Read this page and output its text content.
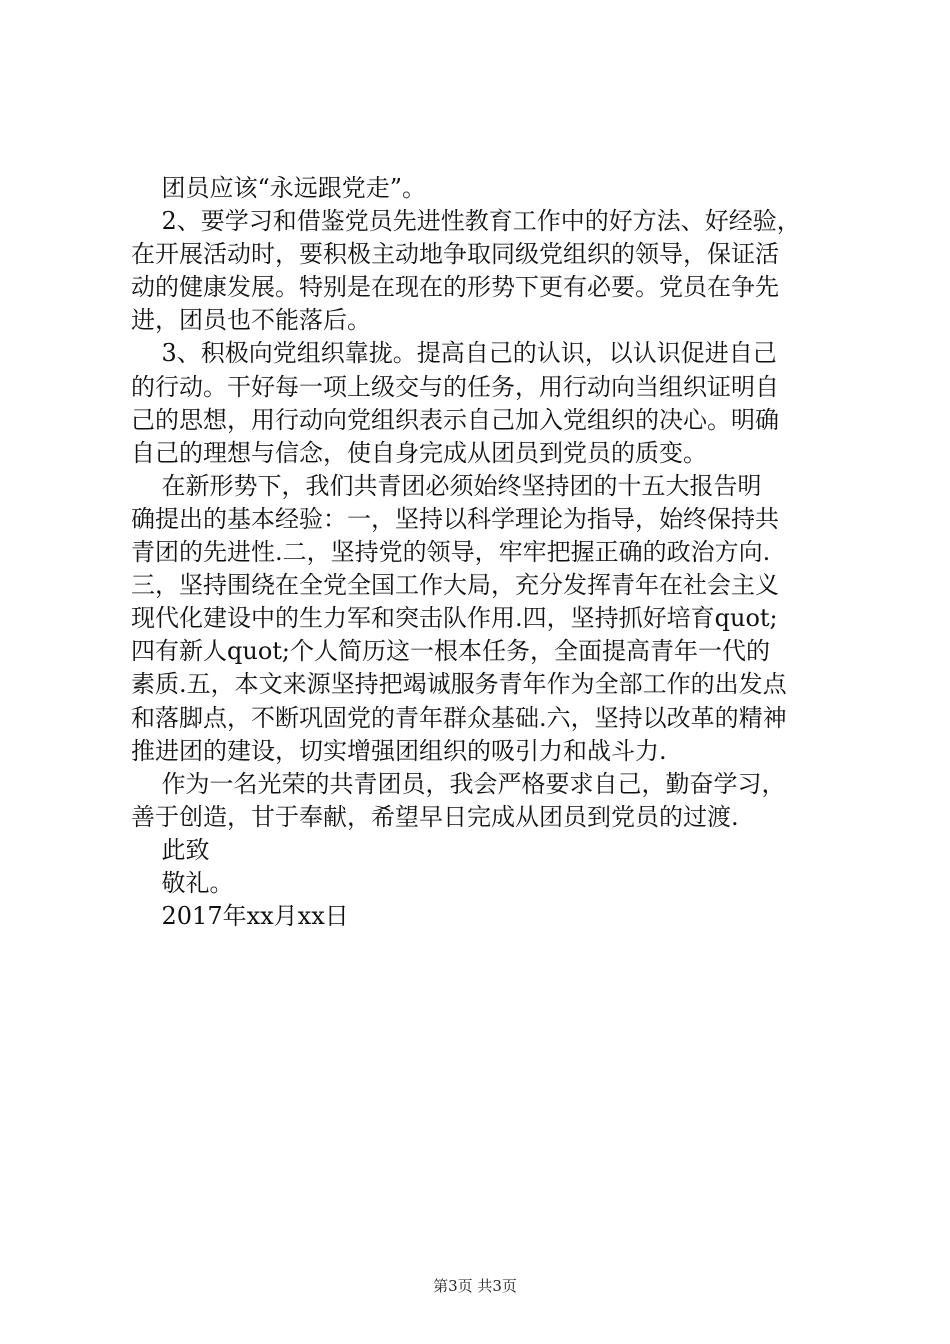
团员应该“永远跟党走”。
2、要学习和借鉴党员先进性教育工作中的好方法、好经验，
在开展活动时，要积极主动地争取同级党组织的领导，保证活
动的健康发展。特别是在现在的形势下更有必要。党员在争先
进，团员也不能落后。
3、积极向党组织靠拢。提高自己的认识，以认识促进自己
的行动。干好每一项上级交与的任务，用行动向当组织证明自
己的思想，用行动向党组织表示自己加入党组织的决心。明确
自己的理想与信念，使自身完成从团员到党员的质变。
在新形势下，我们共青团必须始终坚持团的十五大报告明
确提出的基本经验：一，坚持以科学理论为指导，始终保持共
青团的先进性.二，坚持党的领导，牢牢把握正确的政治方向.
三，坚持围绕在全党全国工作大局，充分发挥青年在社会主义
现代化建设中的生力军和突击队作用.四，坚持抓好培育quot;
四有新人quot;个人简历这一根本任务，全面提高青年一代的
素质.五，本文来源坚持把竭诚服务青年作为全部工作的出发点
和落脚点，不断巩固党的青年群众基础.六，坚持以改革的精神
推进团的建设，切实增强团组织的吸引力和战斗力.
作为一名光荣的共青团员，我会严格要求自己，勤奋学习，
善于创造，甘于奉献，希望早日完成从团员到党员的过渡.
此致
敬礼。
2017年xx月xx日
第3页 共3页
